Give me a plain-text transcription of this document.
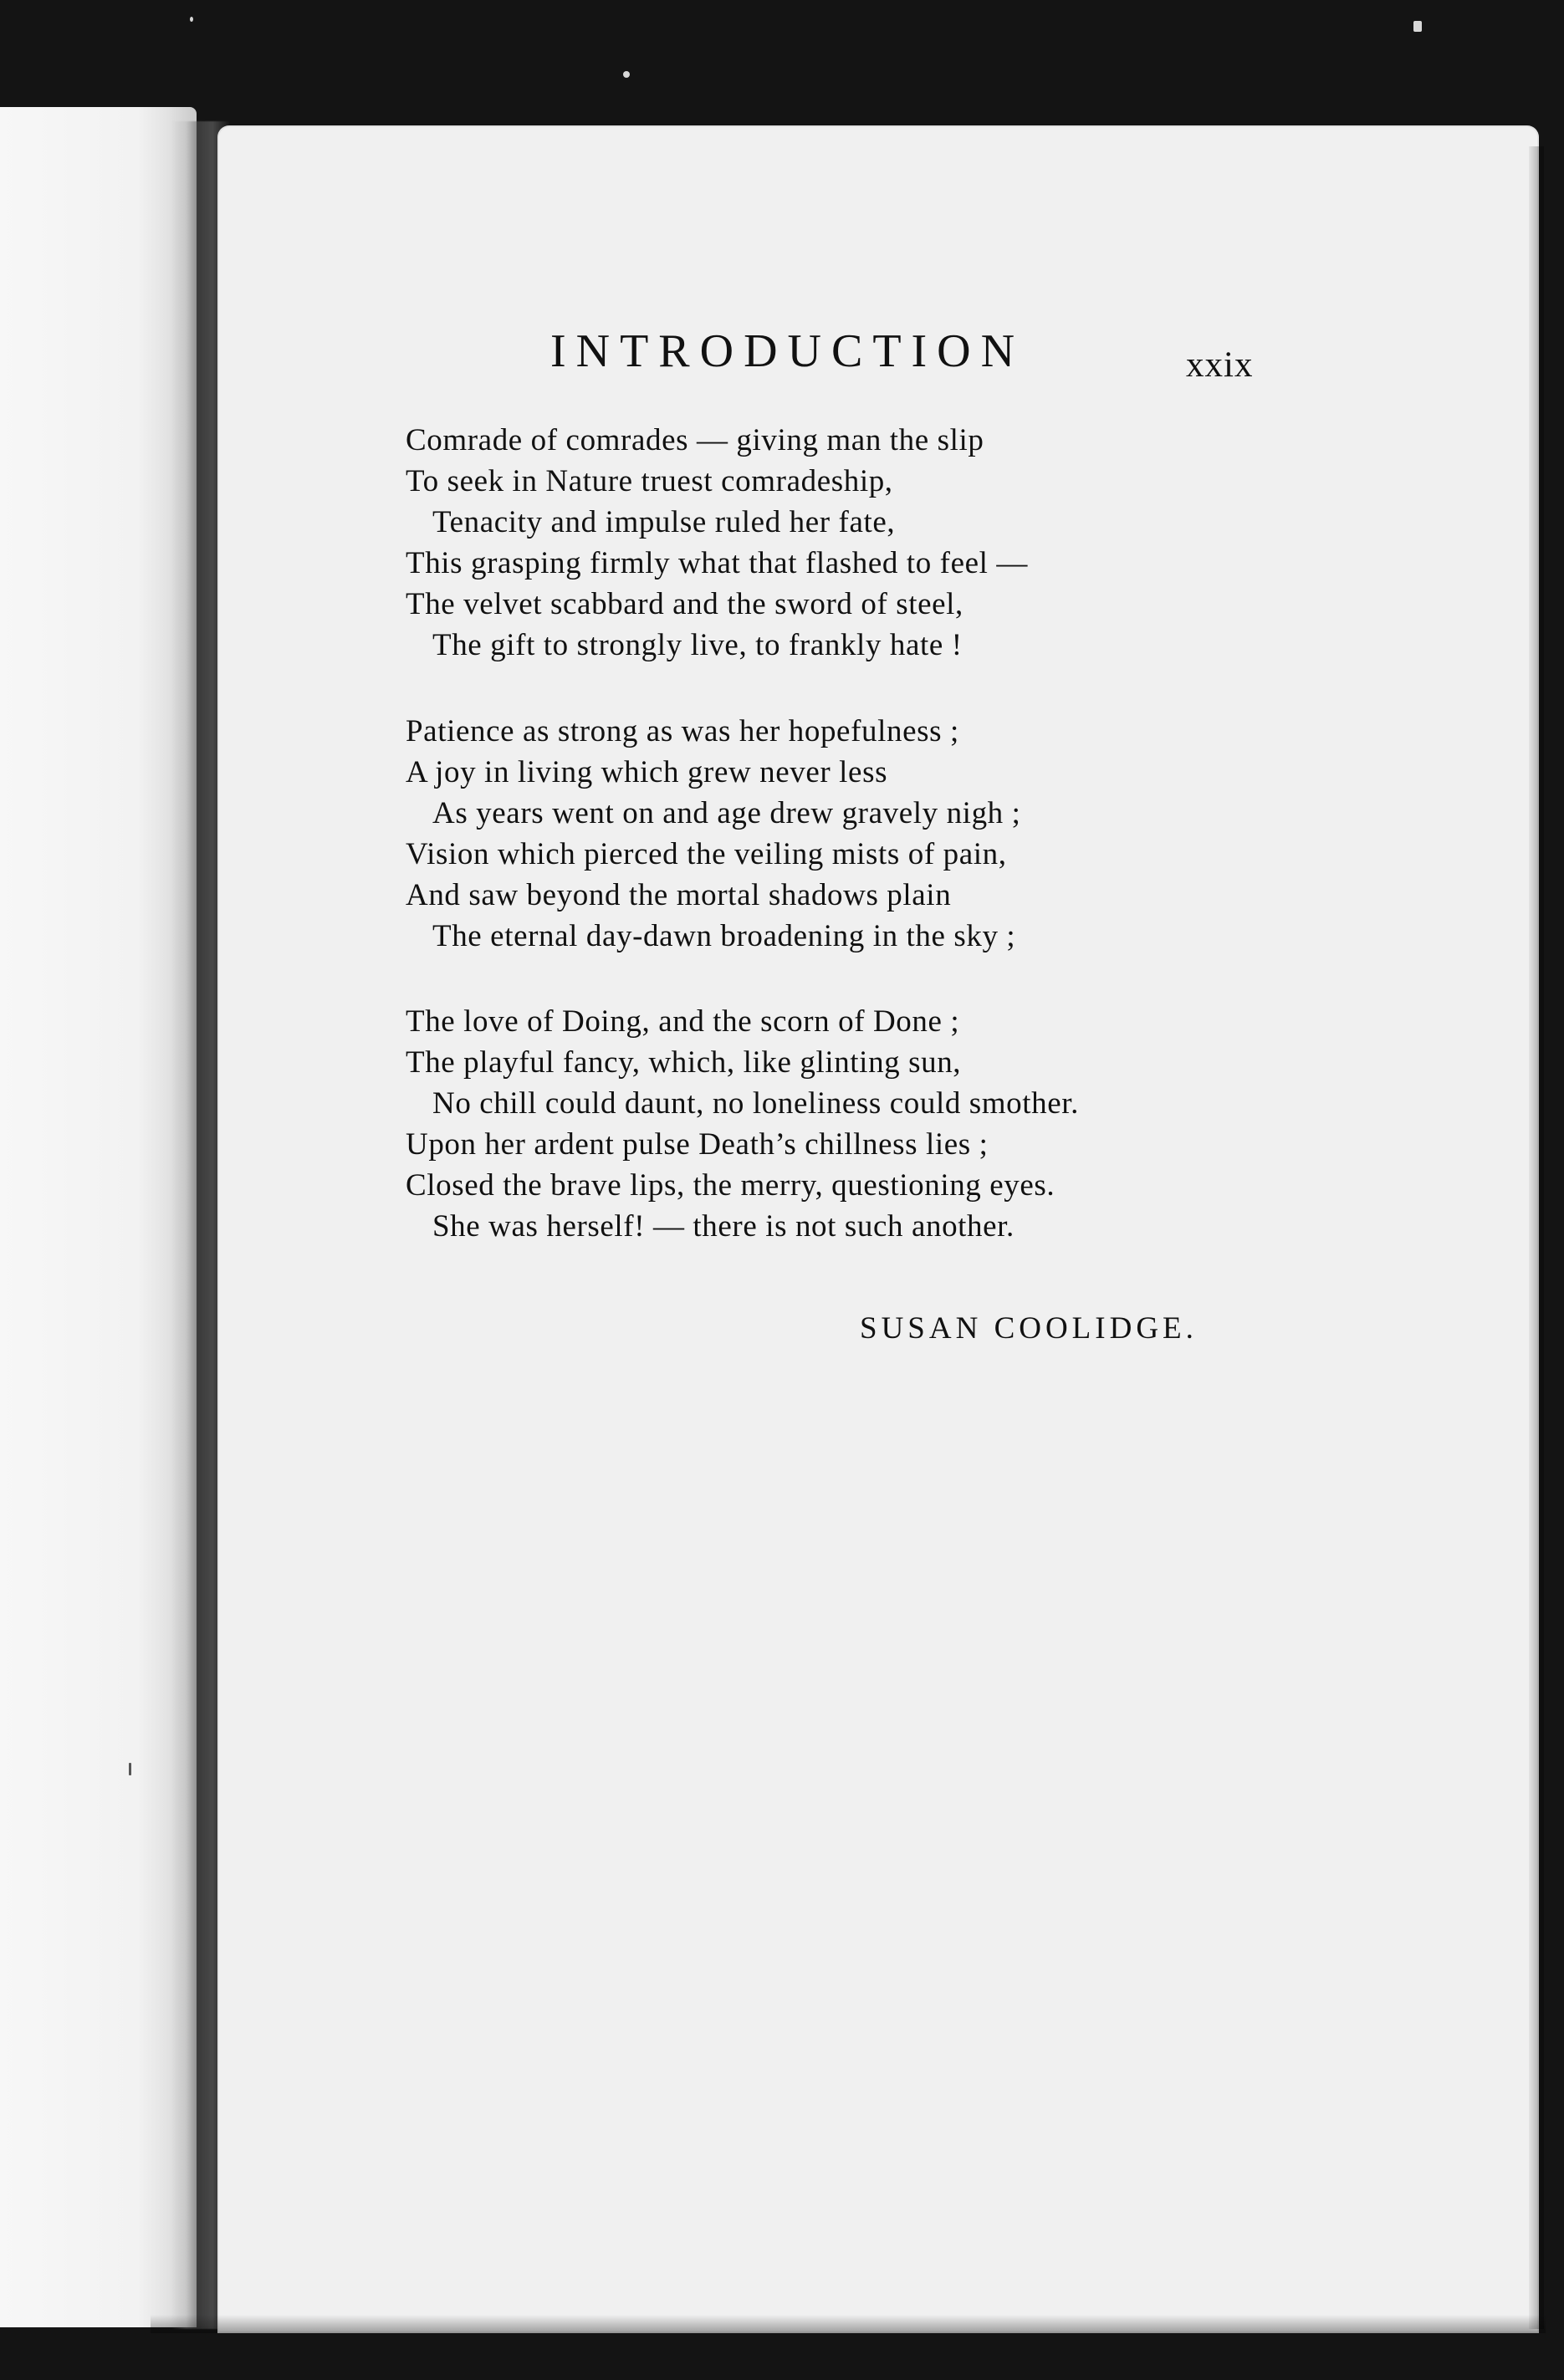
INTRODUCTION	xxix
Comrade of comrades — giving man the slip
To seek in Nature truest comradeship,
Tenacity and impulse ruled her fate,
This grasping firmly what that flashed to feel —
The velvet scabbard and the sword of steel,
The gift to strongly live, to frankly hate !
Patience as strong as was her hopefulness ;
A joy in living which grew never less
As years went on and age drew gravely nigh ;
Vision which pierced the veiling mists of pain,
And saw beyond the mortal shadows plain
The eternal day-dawn broadening in the sky ;
The love of Doing, and the scorn of Done ;
The playful fancy, which, like glinting sun,
No chill could daunt, no loneliness could smother.
Upon her ardent pulse Death’s chillness lies ;
Closed the brave lips, the merry, questioning eyes.
She was herself! — there is not such another.
SUSAN COOLIDGE.
